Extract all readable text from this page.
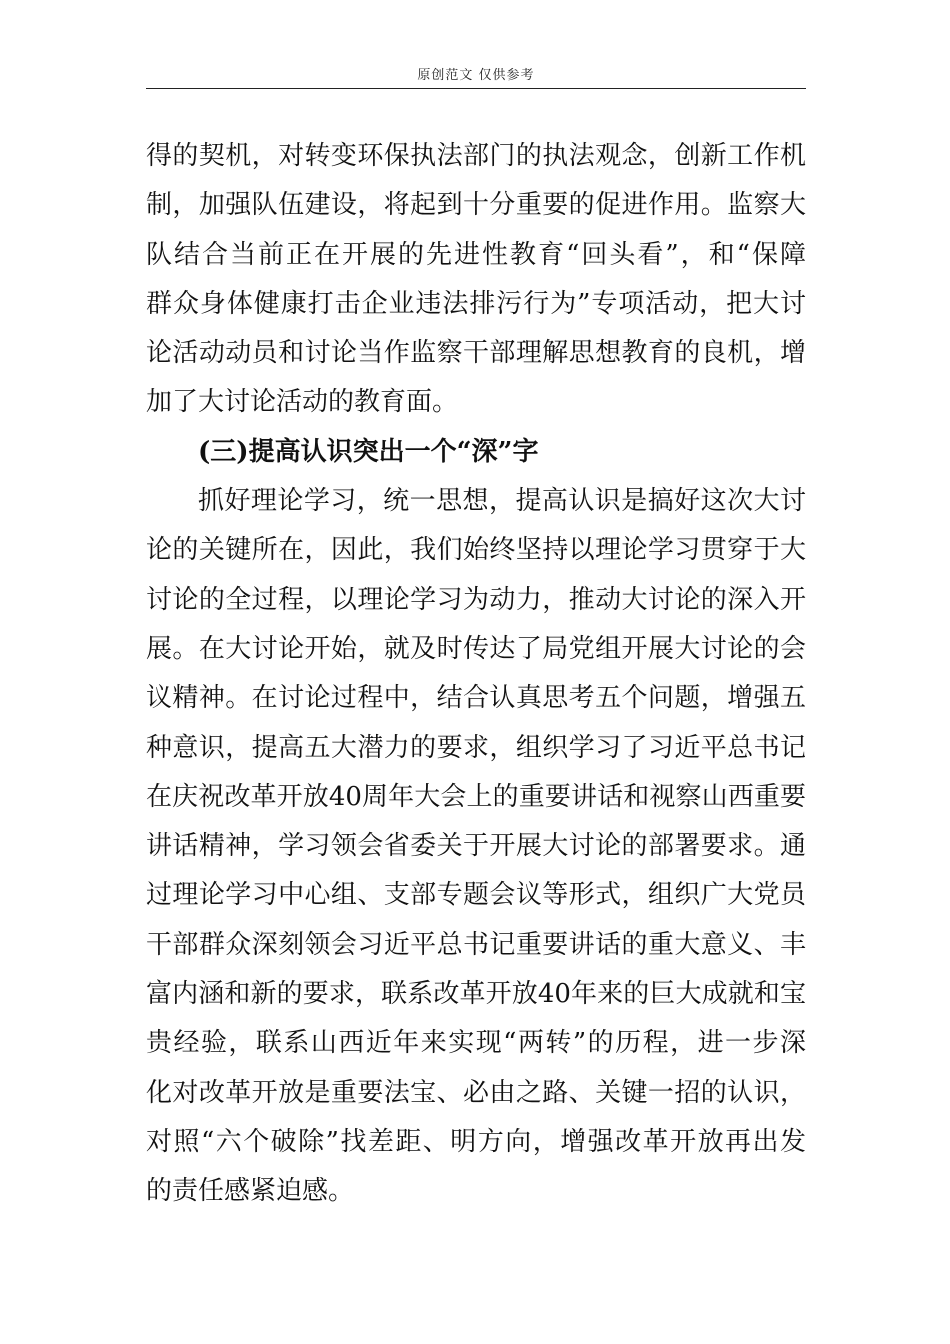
原创范文 仅供参考
得的契机，对转变环保执法部门的执法观念，创新工作机
制，加强队伍建设，将起到十分重要的促进作用。监察大
队结合当前正在开展的先进性教育“回头看”，和“保障
群众身体健康打击企业违法排污行为”专项活动，把大讨
论活动动员和讨论当作监察干部理解思想教育的良机，增
加了大讨论活动的教育面。
(三)提高认识突出一个“深”字
抓好理论学习，统一思想，提高认识是搞好这次大讨
论的关键所在，因此，我们始终坚持以理论学习贯穿于大
讨论的全过程，以理论学习为动力，推动大讨论的深入开
展。在大讨论开始，就及时传达了局党组开展大讨论的会
议精神。在讨论过程中，结合认真思考五个问题，增强五
种意识，提高五大潜力的要求，组织学习了习近平总书记
在庆祝改革开放40周年大会上的重要讲话和视察山西重要
讲话精神，学习领会省委关于开展大讨论的部署要求。通
过理论学习中心组、支部专题会议等形式，组织广大党员
干部群众深刻领会习近平总书记重要讲话的重大意义、丰
富内涵和新的要求，联系改革开放40年来的巨大成就和宝
贵经验，联系山西近年来实现“两转”的历程，进一步深
化对改革开放是重要法宝、必由之路、关键一招的认识，
对照“六个破除”找差距、明方向，增强改革开放再出发
的责任感紧迫感。
